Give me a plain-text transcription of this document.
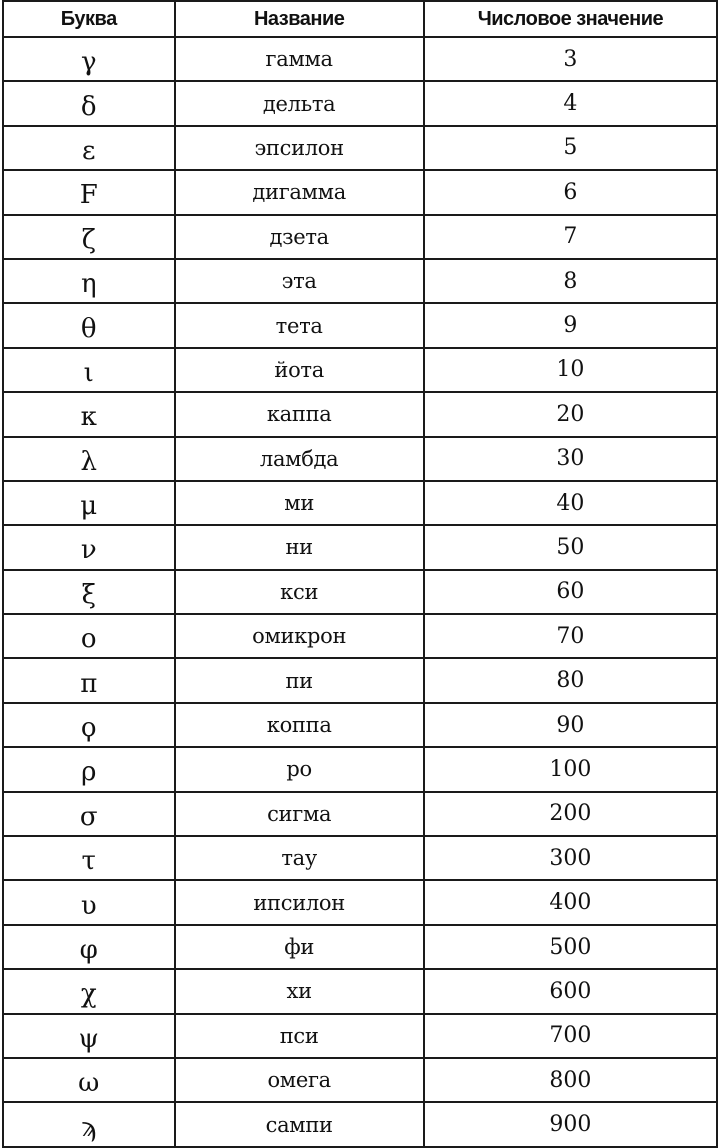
Буква	Название	Числовое значение
γ	гамма	3
δ	дельта	4
ε	эпсилон	5
F	дигамма	6
ζ	дзета	7
η	эта	8
θ	тета	9
ι	йота	10
κ	каппа	20
λ	ламбда	30
μ	ми	40
ν	ни	50
ξ	кси	60
ο	омикрон	70
π	пи	80
ϙ	коппа	90
ρ	ро	100
σ	сигма	200
τ	тау	300
υ	ипсилон	400
φ	фи	500
χ	хи	600
ψ	пси	700
ω	омега	800
ϡ	сампи	900
